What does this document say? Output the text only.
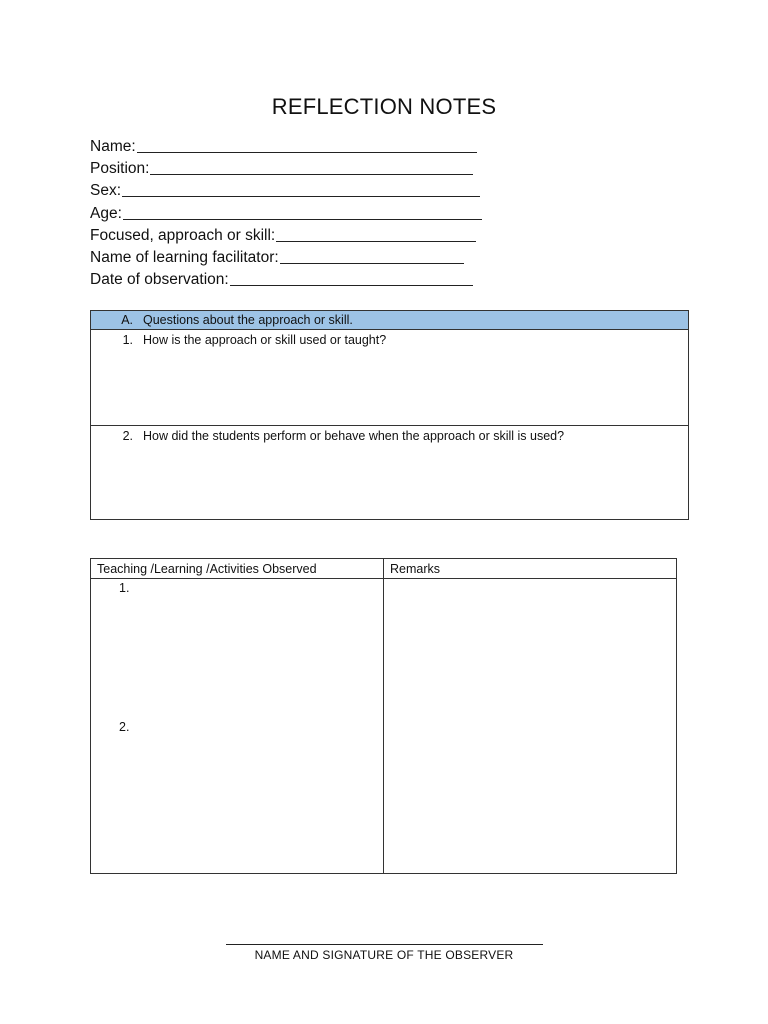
REFLECTION NOTES
Name:
Position:
Sex:
Age:
Focused, approach or skill:
Name of learning facilitator:
Date of observation:
A. Questions about the approach or skill.
1. How is the approach or skill used or taught?
2. How did the students perform or behave when the approach or skill is used?
Teaching /Learning /Activities Observed	Remarks
1.
2.
NAME AND SIGNATURE OF THE OBSERVER
